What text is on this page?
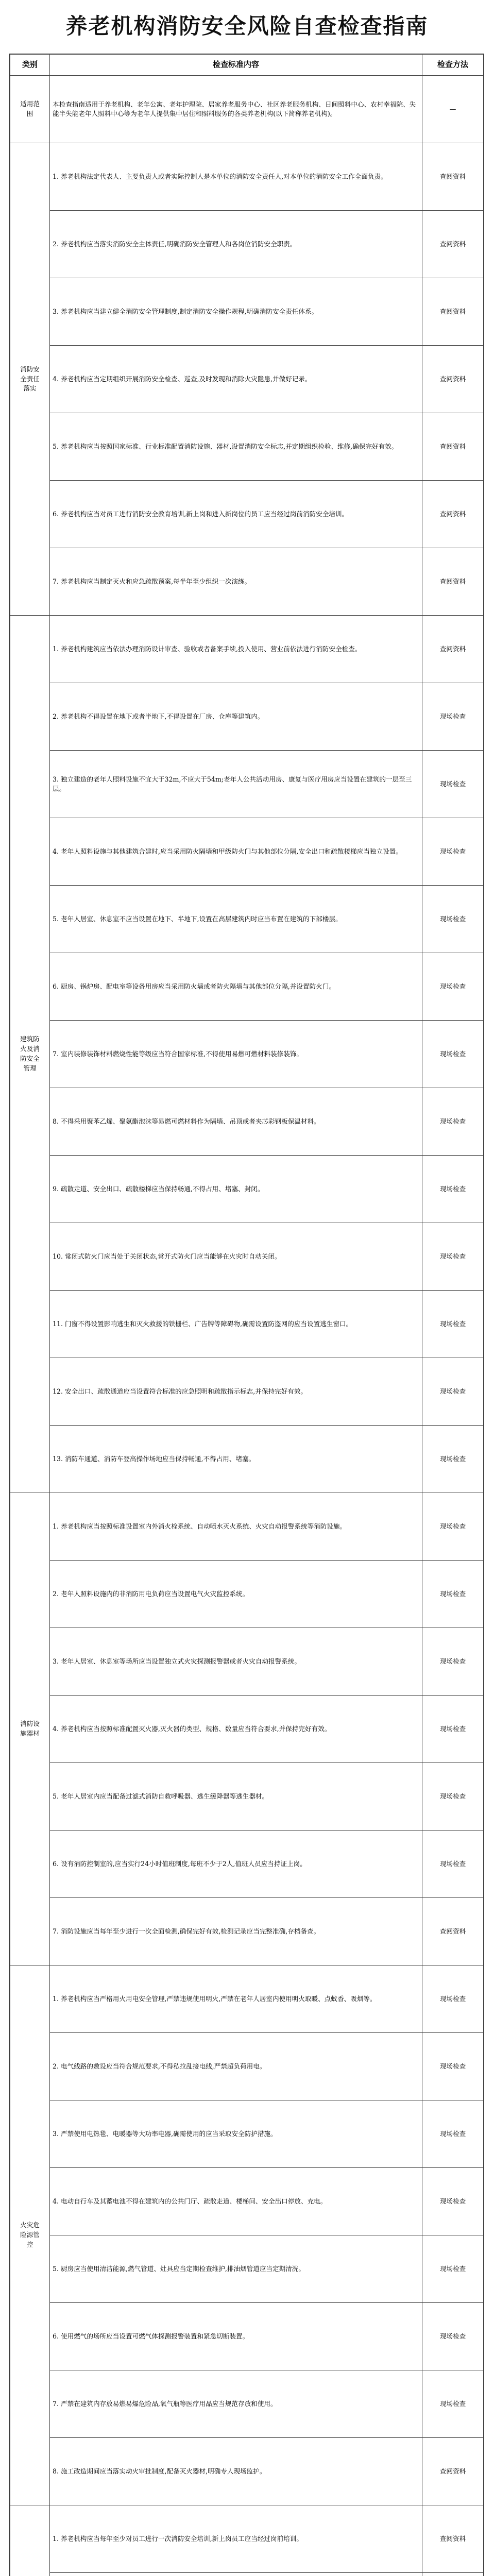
养老机构消防安全风险自查检查指南
类别	检查标准内容	检查方法
适用范围	本检查指南适用于养老机构、老年公寓、老年护理院、居家养老服务中心、社区养老服务机构、日间照料中心、农村幸福院、失能半失能老年人照料中心等为老年人提供集中居住和照料服务的各类养老机构(以下简称养老机构)。	—
消防安全责任落实	1. 养老机构法定代表人、主要负责人或者实际控制人是本单位的消防安全责任人,对本单位的消防安全工作全面负责。	查阅资料
	2. 养老机构应当落实消防安全主体责任,明确消防安全管理人和各岗位消防安全职责。	查阅资料
	3. 养老机构应当建立健全消防安全管理制度,制定消防安全操作规程,明确消防安全责任体系。	查阅资料
	4. 养老机构应当定期组织开展消防安全检查、巡查,及时发现和消除火灾隐患,并做好记录。	查阅资料
	5. 养老机构应当按照国家标准、行业标准配置消防设施、器材,设置消防安全标志,并定期组织检验、维修,确保完好有效。	查阅资料
	6. 养老机构应当对员工进行消防安全教育培训,新上岗和进入新岗位的员工应当经过岗前消防安全培训。	查阅资料
	7. 养老机构应当制定灭火和应急疏散预案,每半年至少组织一次演练。	查阅资料
建筑防火及消防安全管理	1. 养老机构建筑应当依法办理消防设计审查、验收或者备案手续,投入使用、营业前依法进行消防安全检查。	查阅资料
	2. 养老机构不得设置在地下或者半地下,不得设置在厂房、仓库等建筑内。	现场检查
	3. 独立建造的老年人照料设施不宜大于32m,不应大于54m;老年人公共活动用房、康复与医疗用房应当设置在建筑的一层至三层。	现场检查
	4. 老年人照料设施与其他建筑合建时,应当采用防火隔墙和甲级防火门与其他部位分隔,安全出口和疏散楼梯应当独立设置。	现场检查
	5. 老年人居室、休息室不应当设置在地下、半地下,设置在高层建筑内时应当布置在建筑的下部楼层。	现场检查
	6. 厨房、锅炉房、配电室等设备用房应当采用防火墙或者防火隔墙与其他部位分隔,并设置防火门。	现场检查
	7. 室内装修装饰材料燃烧性能等级应当符合国家标准,不得使用易燃可燃材料装修装饰。	现场检查
	8. 不得采用聚苯乙烯、聚氨酯泡沫等易燃可燃材料作为隔墙、吊顶或者夹芯彩钢板保温材料。	现场检查
	9. 疏散走道、安全出口、疏散楼梯应当保持畅通,不得占用、堵塞、封闭。	现场检查
	10. 常闭式防火门应当处于关闭状态,常开式防火门应当能够在火灾时自动关闭。	现场检查
	11. 门窗不得设置影响逃生和灭火救援的铁栅栏、广告牌等障碍物,确需设置防盗网的应当设置逃生窗口。	现场检查
	12. 安全出口、疏散通道应当设置符合标准的应急照明和疏散指示标志,并保持完好有效。	现场检查
	13. 消防车通道、消防车登高操作场地应当保持畅通,不得占用、堵塞。	现场检查
消防设施器材	1. 养老机构应当按照标准设置室内外消火栓系统、自动喷水灭火系统、火灾自动报警系统等消防设施。	现场检查
	2. 老年人照料设施内的非消防用电负荷应当设置电气火灾监控系统。	现场检查
	3. 老年人居室、休息室等场所应当设置独立式火灾探测报警器或者火灾自动报警系统。	现场检查
	4. 养老机构应当按照标准配置灭火器,灭火器的类型、规格、数量应当符合要求,并保持完好有效。	现场检查
	5. 老年人居室内应当配备过滤式消防自救呼吸器、逃生缓降器等逃生器材。	现场检查
	6. 设有消防控制室的,应当实行24小时值班制度,每班不少于2人,值班人员应当持证上岗。	现场检查
	7. 消防设施应当每年至少进行一次全面检测,确保完好有效,检测记录应当完整准确,存档备查。	查阅资料
火灾危险源管控	1. 养老机构应当严格用火用电安全管理,严禁违规使用明火,严禁在老年人居室内使用明火取暖、点蚊香、吸烟等。	现场检查
	2. 电气线路的敷设应当符合规范要求,不得私拉乱接电线,严禁超负荷用电。	现场检查
	3. 严禁使用电热毯、电暖器等大功率电器,确需使用的应当采取安全防护措施。	现场检查
	4. 电动自行车及其蓄电池不得在建筑内的公共门厅、疏散走道、楼梯间、安全出口停放、充电。	现场检查
	5. 厨房应当使用清洁能源,燃气管道、灶具应当定期检查维护,排油烟管道应当定期清洗。	现场检查
	6. 使用燃气的场所应当设置可燃气体探测报警装置和紧急切断装置。	现场检查
	7. 严禁在建筑内存放易燃易爆危险品,氧气瓶等医疗用品应当规范存放和使用。	现场检查
	8. 施工改造期间应当落实动火审批制度,配备灭火器材,明确专人现场监护。	查阅资料
	1. 养老机构应当每年至少对员工进行一次消防安全培训,新上岗员工应当经过岗前培训。	查阅资料
